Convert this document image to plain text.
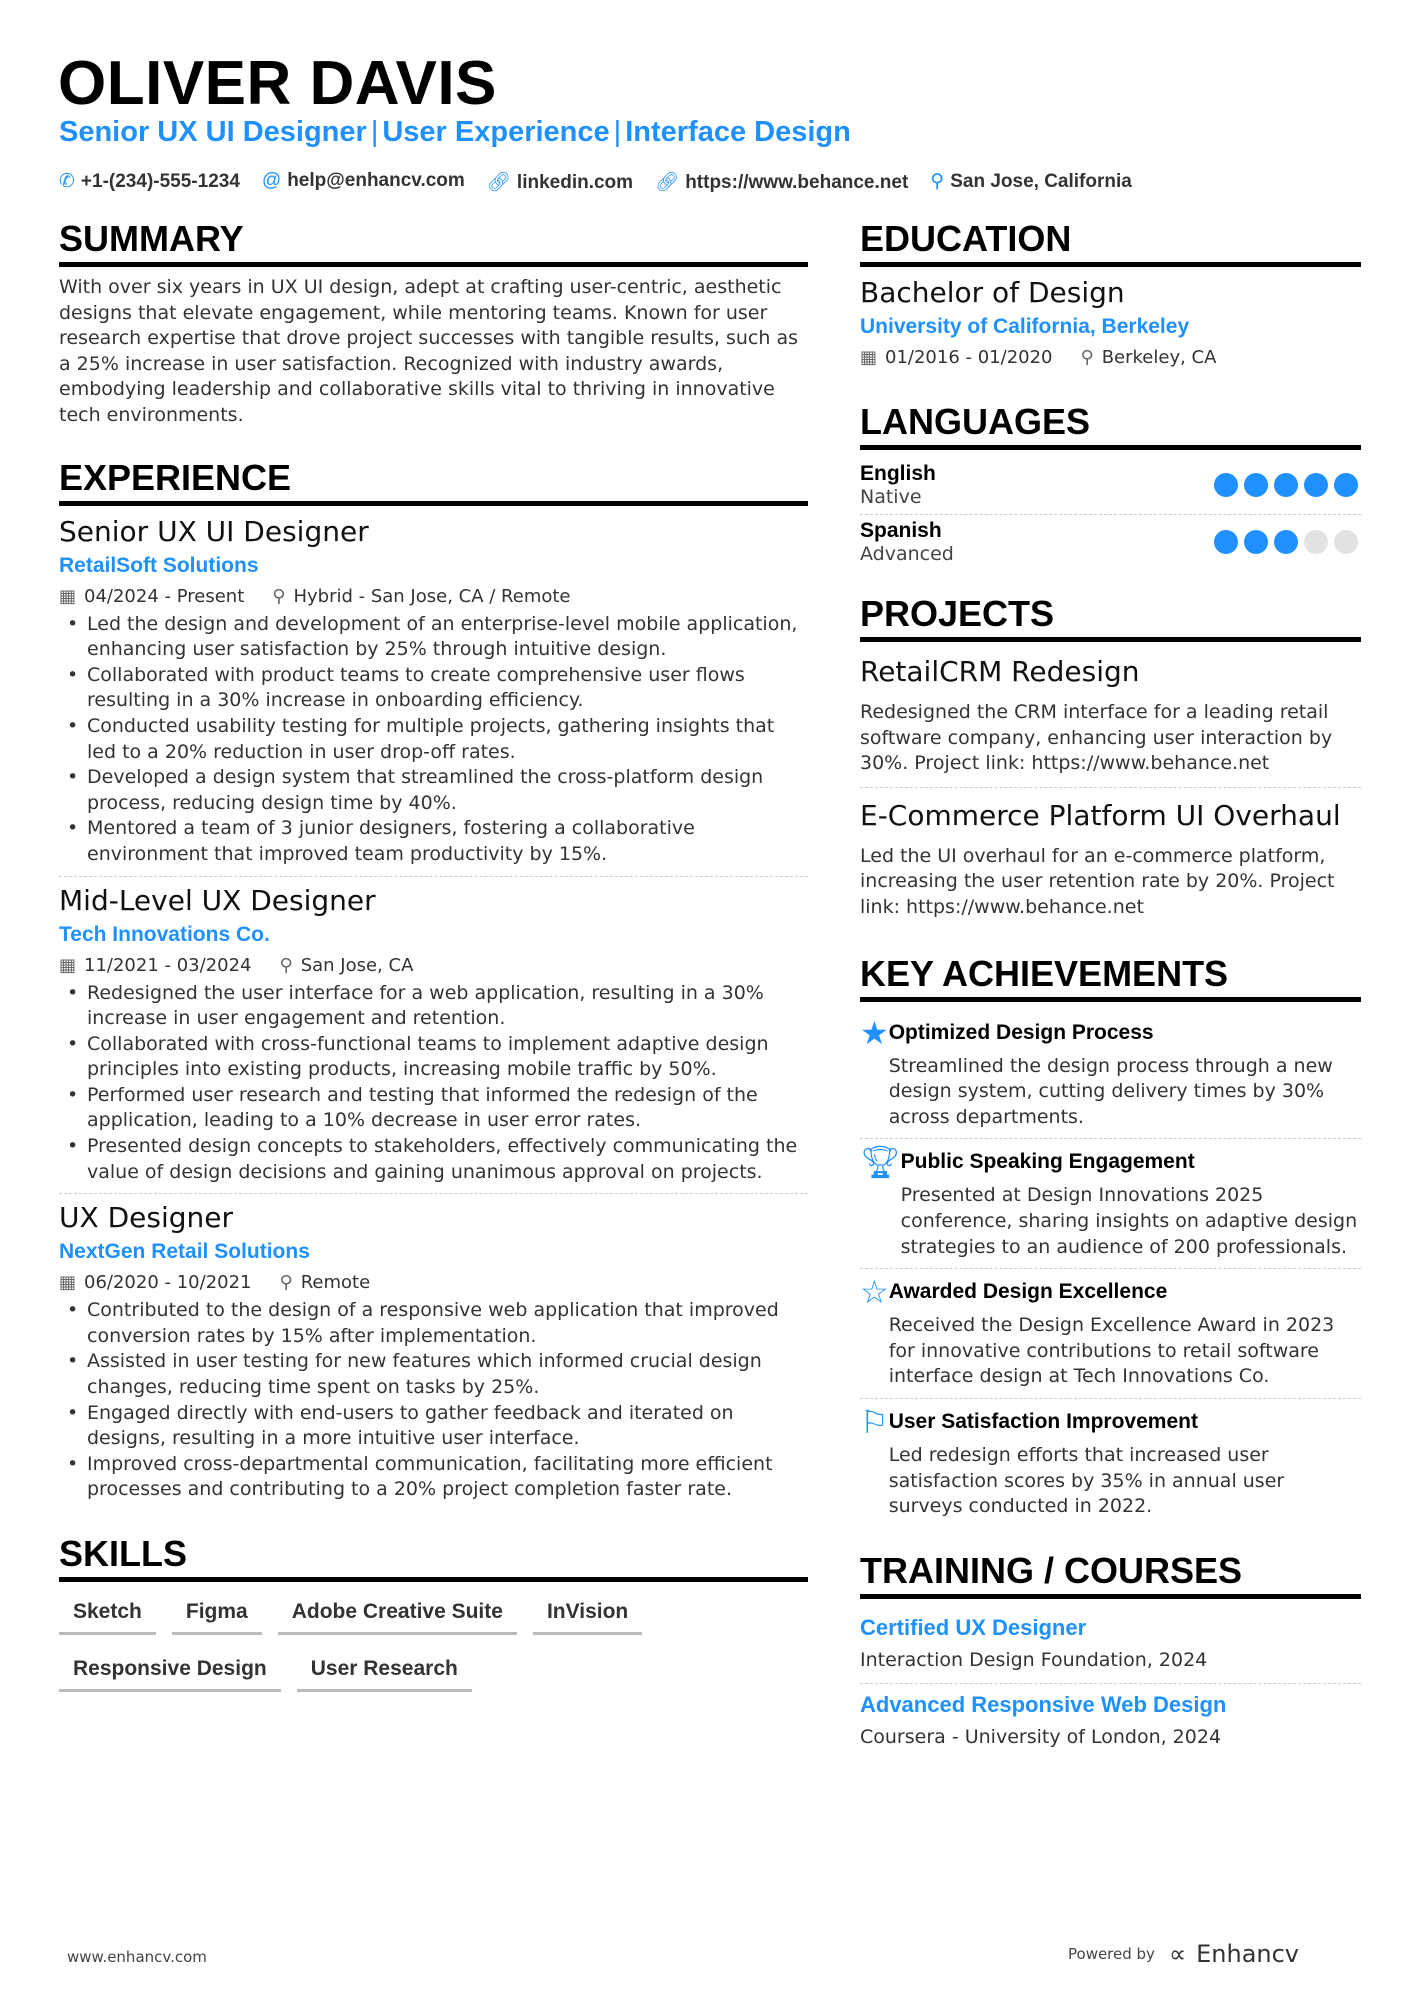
OLIVER DAVIS
Senior UX UI Designer | User Experience | Interface Design
✆ +1-(234)-555-1234 @ help@enhancv.com 🔗︎ linkedin.com 🔗︎ https://www.behance.net ⚲ San Jose, California
SUMMARY

With over six years in UX UI design, adept at crafting user-centric, aesthetic designs that elevate engagement, while mentoring teams. Known for user research expertise that drove project successes with tangible results, such as a 25% increase in user satisfaction. Recognized with industry awards, embodying leadership and collaborative skills vital to thriving in innovative tech environments.

EXPERIENCE
Senior UX UI Designer
RetailSoft Solutions
▦ 04/2024 - Present ⚲ Hybrid - San Jose, CA / Remote
• Led the design and development of an enterprise-level mobile application, enhancing user satisfaction by 25% through intuitive design.
• Collaborated with product teams to create comprehensive user flows resulting in a 30% increase in onboarding efficiency.
• Conducted usability testing for multiple projects, gathering insights that led to a 20% reduction in user drop-off rates.
• Developed a design system that streamlined the cross-platform design process, reducing design time by 40%.
• Mentored a team of 3 junior designers, fostering a collaborative environment that improved team productivity by 15%.
Mid-Level UX Designer
Tech Innovations Co.
▦ 11/2021 - 03/2024 ⚲ San Jose, CA
• Redesigned the user interface for a web application, resulting in a 30% increase in user engagement and retention.
• Collaborated with cross-functional teams to implement adaptive design principles into existing products, increasing mobile traffic by 50%.
• Performed user research and testing that informed the redesign of the application, leading to a 10% decrease in user error rates.
• Presented design concepts to stakeholders, effectively communicating the value of design decisions and gaining unanimous approval on projects.
UX Designer
NextGen Retail Solutions
▦ 06/2020 - 10/2021 ⚲ Remote
• Contributed to the design of a responsive web application that improved conversion rates by 15% after implementation.
• Assisted in user testing for new features which informed crucial design changes, reducing time spent on tasks by 25%.
• Engaged directly with end-users to gather feedback and iterated on designs, resulting in a more intuitive user interface.
• Improved cross-departmental communication, facilitating more efficient processes and contributing to a 20% project completion faster rate.
SKILLS
Sketch	Figma	Adobe Creative Suite	InVision
Responsive Design	User Research
EDUCATION
Bachelor of Design
University of California, Berkeley
▦ 01/2016 - 01/2020 ⚲ Berkeley, CA
LANGUAGES
English
Native
Spanish
Advanced
PROJECTS
RetailCRM Redesign
Redesigned the CRM interface for a leading retail software company, enhancing user interaction by 30%. Project link: https://www.behance.net
E-Commerce Platform UI Overhaul
Led the UI overhaul for an e-commerce platform, increasing the user retention rate by 20%. Project link: https://www.behance.net
KEY ACHIEVEMENTS
★ Optimized Design Process
Streamlined the design process through a new design system, cutting delivery times by 30% across departments.
🏆︎ Public Speaking Engagement
Presented at Design Innovations 2025 conference, sharing insights on adaptive design strategies to an audience of 200 professionals.
☆ Awarded Design Excellence
Received the Design Excellence Award in 2023 for innovative contributions to retail software interface design at Tech Innovations Co.
⚐ User Satisfaction Improvement
Led redesign efforts that increased user satisfaction scores by 35% in annual user surveys conducted in 2022.
TRAINING / COURSES
Certified UX Designer
Interaction Design Foundation, 2024
Advanced Responsive Web Design
Coursera - University of London, 2024
www.enhancv.com	Powered by ∝ Enhancv
